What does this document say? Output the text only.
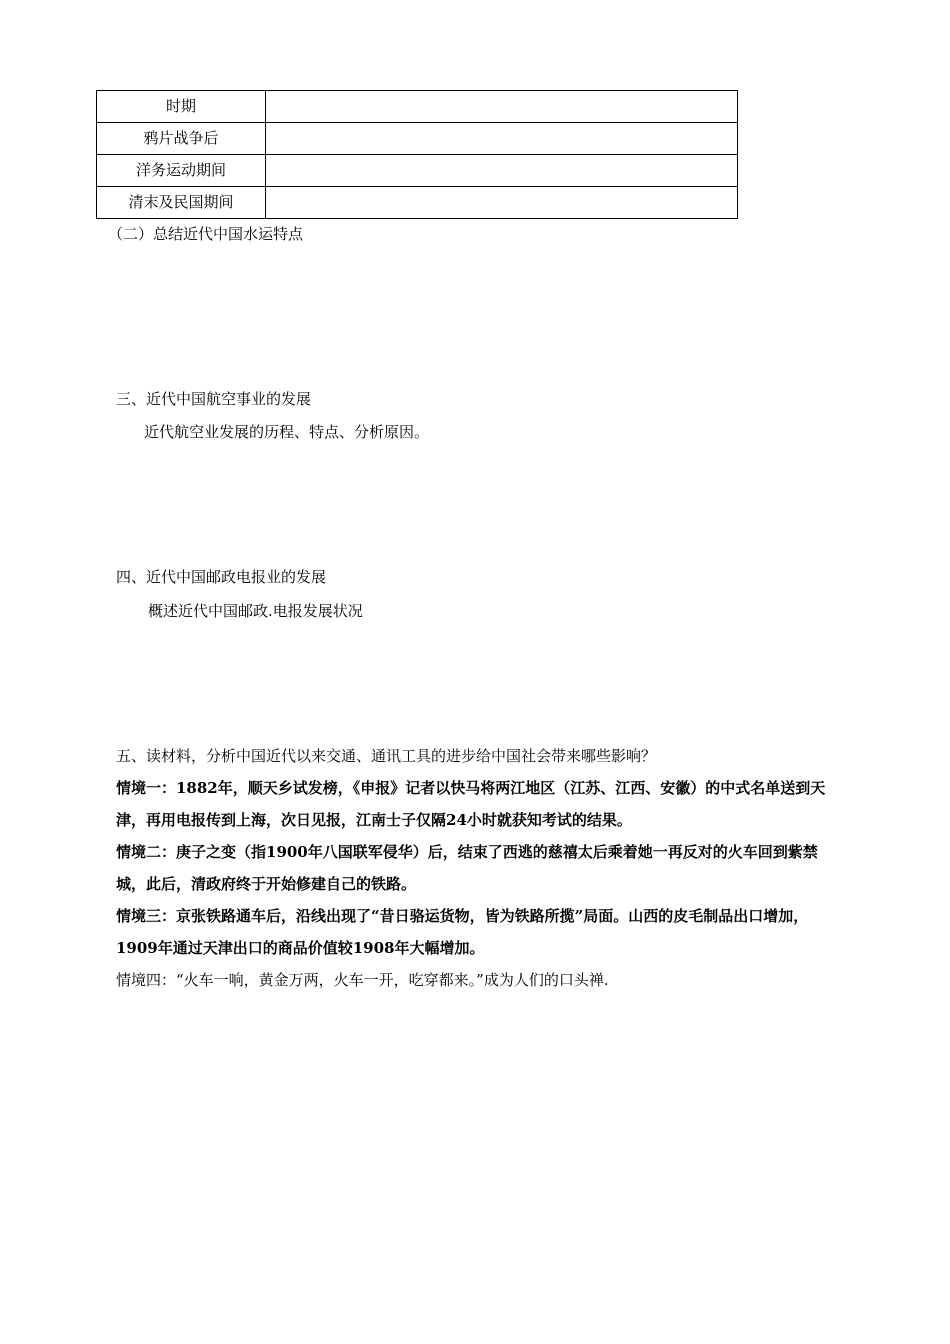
时期	
鸦片战争后	
洋务运动期间	
清末及民国期间	
（二）总结近代中国水运特点
三、近代中国航空事业的发展
近代航空业发展的历程、特点、分析原因。
四、近代中国邮政电报业的发展
概述近代中国邮政.电报发展状况
五、读材料，分析中国近代以来交通、通讯工具的进步给中国社会带来哪些影响？
情境一：1882年，顺天乡试发榜，《申报》记者以快马将两江地区（江苏、江西、安徽）的中式名单送到天津，再用电报传到上海，次日见报，江南士子仅隔24小时就获知考试的结果。
情境二：庚子之变（指1900年八国联军侵华）后，结束了西逃的慈禧太后乘着她一再反对的火车回到紫禁城，此后，清政府终于开始修建自己的铁路。
情境三：京张铁路通车后，沿线出现了“昔日骆运货物，皆为铁路所揽”局面。山西的皮毛制品出口增加，1909年通过天津出口的商品价值较1908年大幅增加。
情境四：“火车一响，黄金万两，火车一开，吃穿都来。”成为人们的口头禅.
